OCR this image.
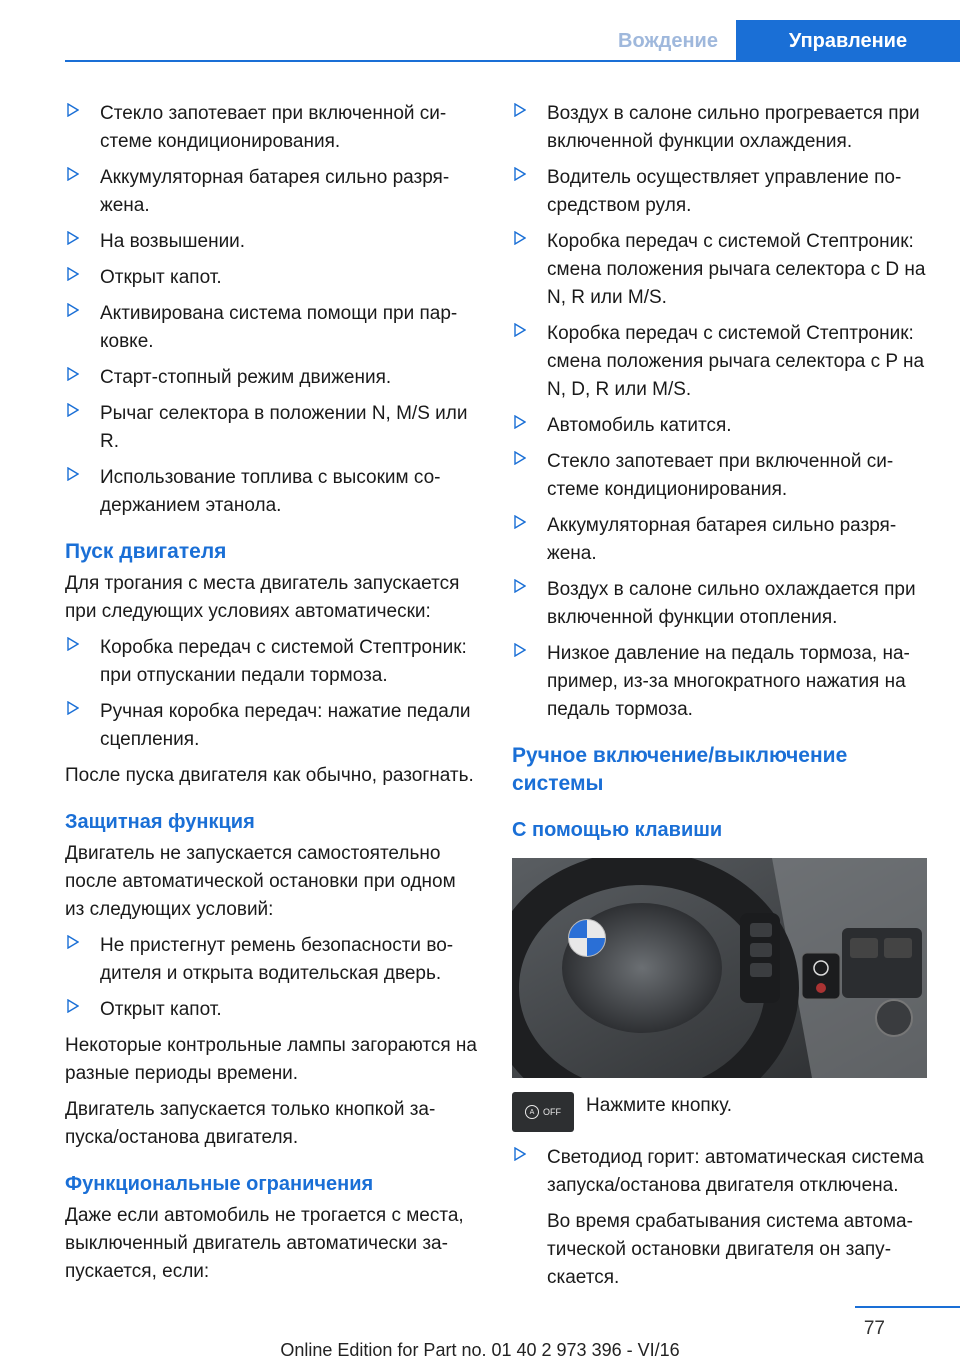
Вождение	Управление
Стекло запотевает при включенной системе кондиционирования.
Аккумуляторная батарея сильно разряжена.
На возвышении.
Открыт капот.
Активирована система помощи при парковке.
Старт-стопный режим движения.
Рычаг селектора в положении N, M/S или R.
Использование топлива с высоким содержанием этанола.
Пуск двигателя

Для трогания с места двигатель запускается при следующих условиях автоматически:

Коробка передач с системой Стептроник: при отпускании педали тормоза.
Ручная коробка передач: нажатие педали сцепления.

После пуска двигателя как обычно, разогнать.

Защитная функция

Двигатель не запускается самостоятельно после автоматической остановки при одном из следующих условий:

Не пристегнут ремень безопасности водителя и открыта водительская дверь.
Открыт капот.

Некоторые контрольные лампы загораются на разные периоды времени.

Двигатель запускается только кнопкой запуска/останова двигателя.

Функциональные ограничения

Даже если автомобиль не трогается с места, выключенный двигатель автоматически запускается, если:

Воздух в салоне сильно прогревается при включенной функции охлаждения.
Водитель осуществляет управление посредством руля.
Коробка передач с системой Стептроник: смена положения рычага селектора с D на N, R или M/S.
Коробка передач с системой Стептроник: смена положения рычага селектора с P на N, D, R или M/S.
Автомобиль катится.
Стекло запотевает при включенной системе кондиционирования.
Аккумуляторная батарея сильно разряжена.
Воздух в салоне сильно охлаждается при включенной функции отопления.
Низкое давление на педаль тормоза, например, из-за многократного нажатия на педаль тормоза.
Ручное включение/выключение системы
С помощью клавиши
A OFF Нажмите кнопку.
Светодиод горит: автоматическая система запуска/останова двигателя отключена.
Во время срабатывания система автоматической остановки двигателя он запускается.
77
Online Edition for Part no. 01 40 2 973 396 - VI/16
